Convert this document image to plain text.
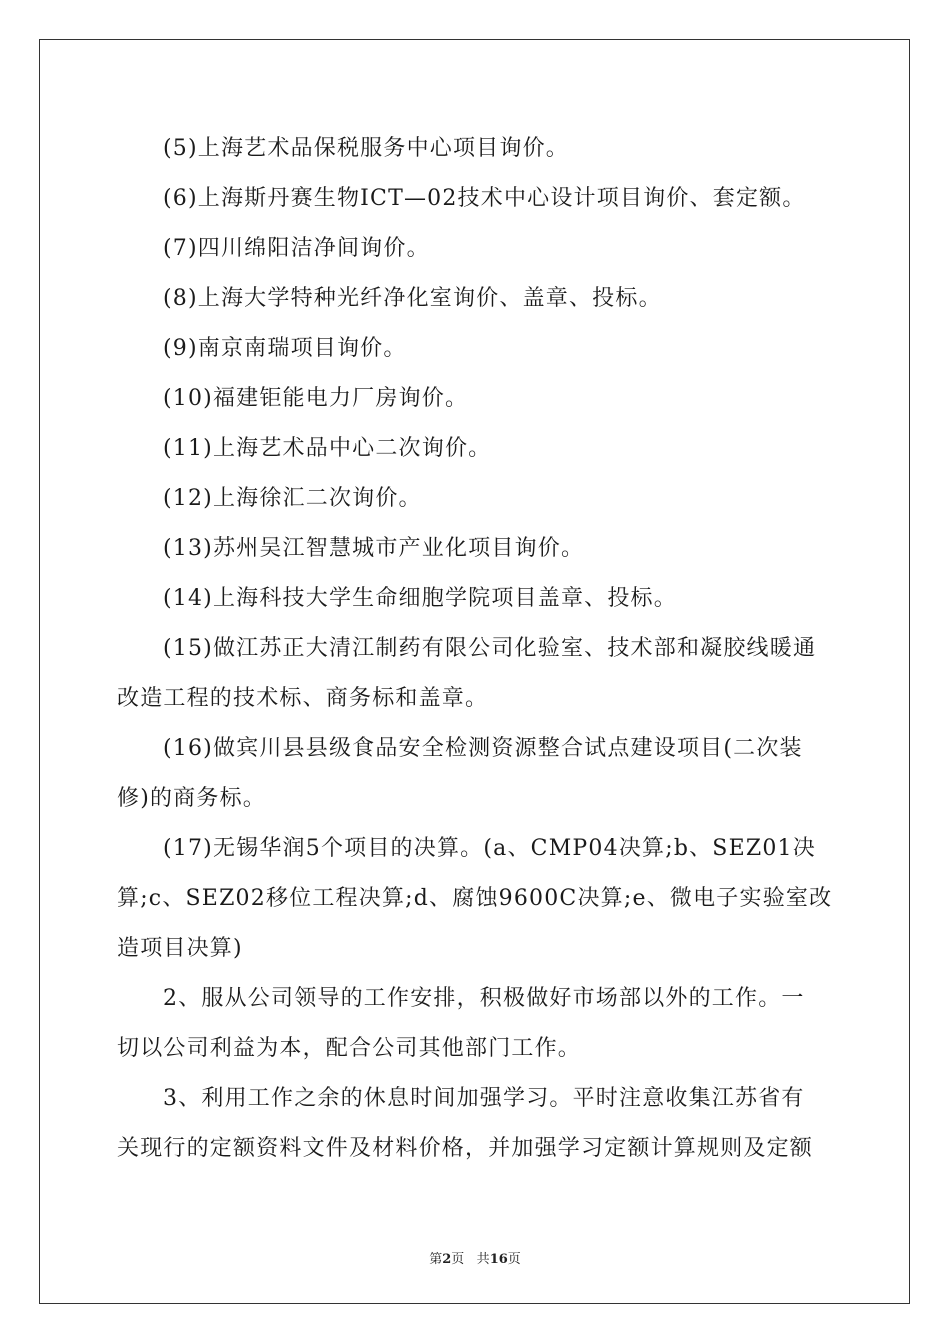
(5)上海艺术品保税服务中心项目询价。
(6)上海斯丹赛生物ICT—02技术中心设计项目询价、套定额。
(7)四川绵阳洁净间询价。
(8)上海大学特种光纤净化室询价、盖章、投标。
(9)南京南瑞项目询价。
(10)福建钜能电力厂房询价。
(11)上海艺术品中心二次询价。
(12)上海徐汇二次询价。
(13)苏州吴江智慧城市产业化项目询价。
(14)上海科技大学生命细胞学院项目盖章、投标。
(15)做江苏正大清江制药有限公司化验室、技术部和凝胶线暖通
改造工程的技术标、商务标和盖章。
(16)做宾川县县级食品安全检测资源整合试点建设项目(二次装
修)的商务标。
(17)无锡华润5个项目的决算。(a、CMP04决算;b、SEZ01决
算;c、SEZ02移位工程决算;d、腐蚀9600C决算;e、微电子实验室改
造项目决算)
2、服从公司领导的工作安排，积极做好市场部以外的工作。一
切以公司利益为本，配合公司其他部门工作。
3、利用工作之余的休息时间加强学习。平时注意收集江苏省有
关现行的定额资料文件及材料价格，并加强学习定额计算规则及定额
第2页 共16页
